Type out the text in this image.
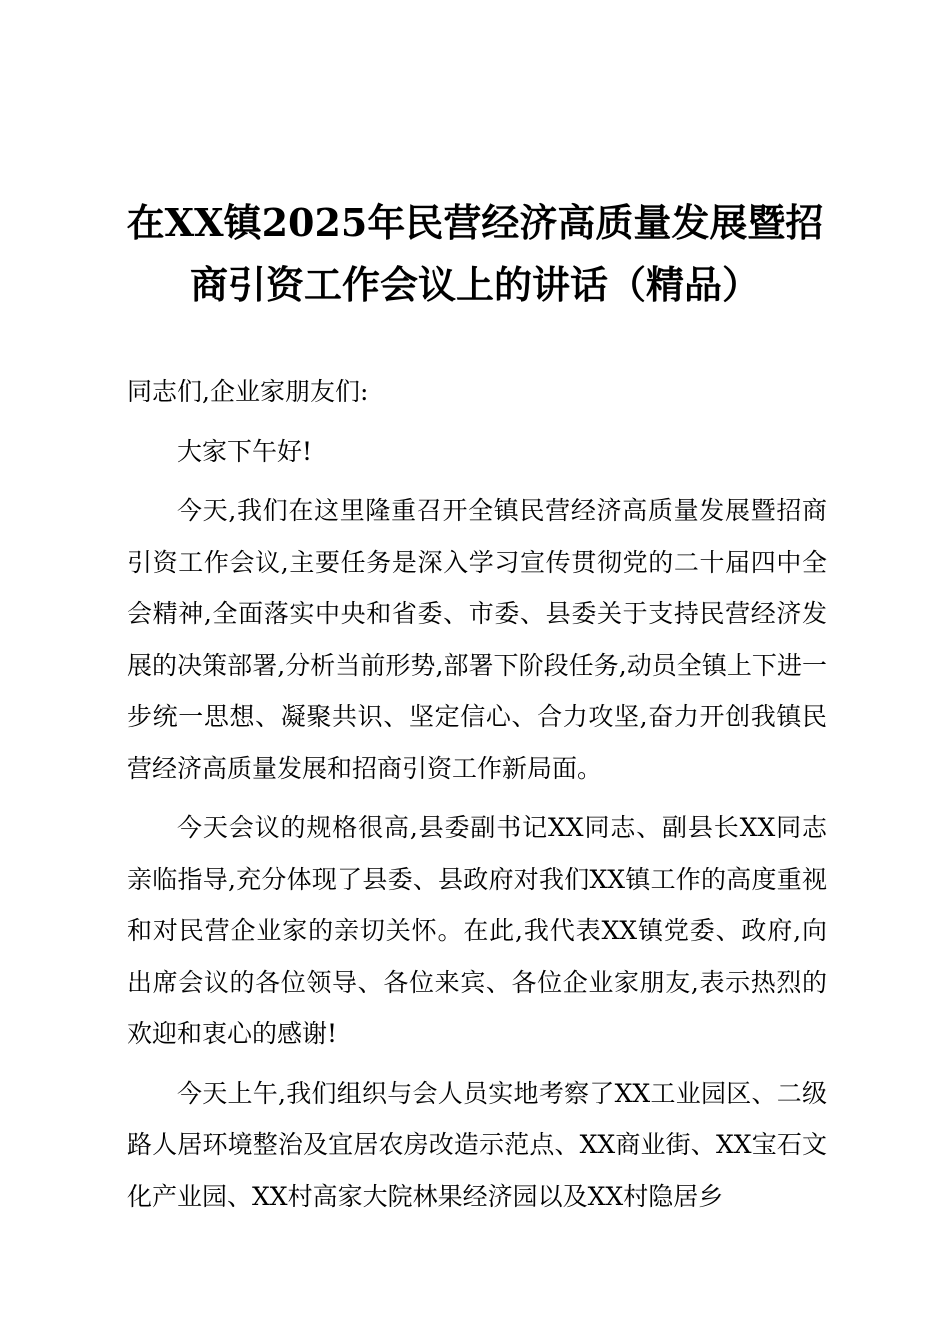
在XX镇2025年民营经济高质量发展暨招
商引资工作会议上的讲话（精品）

同志们,企业家朋友们:

大家下午好!

今天,我们在这里隆重召开全镇民营经济高质量发展暨招商引资工作会议,主要任务是深入学习宣传贯彻党的二十届四中全会精神,全面落实中央和省委、市委、县委关于支持民营经济发展的决策部署,分析当前形势,部署下阶段任务,动员全镇上下进一步统一思想、凝聚共识、坚定信心、合力攻坚,奋力开创我镇民营经济高质量发展和招商引资工作新局面。

今天会议的规格很高,县委副书记XX同志、副县长XX同志亲临指导,充分体现了县委、县政府对我们XX镇工作的高度重视和对民营企业家的亲切关怀。在此,我代表XX镇党委、政府,向出席会议的各位领导、各位来宾、各位企业家朋友,表示热烈的欢迎和衷心的感谢!

今天上午,我们组织与会人员实地考察了XX工业园区、二级路人居环境整治及宜居农房改造示范点、XX商业街、XX宝石文化产业园、XX村高家大院林果经济园以及XX村隐居乡
